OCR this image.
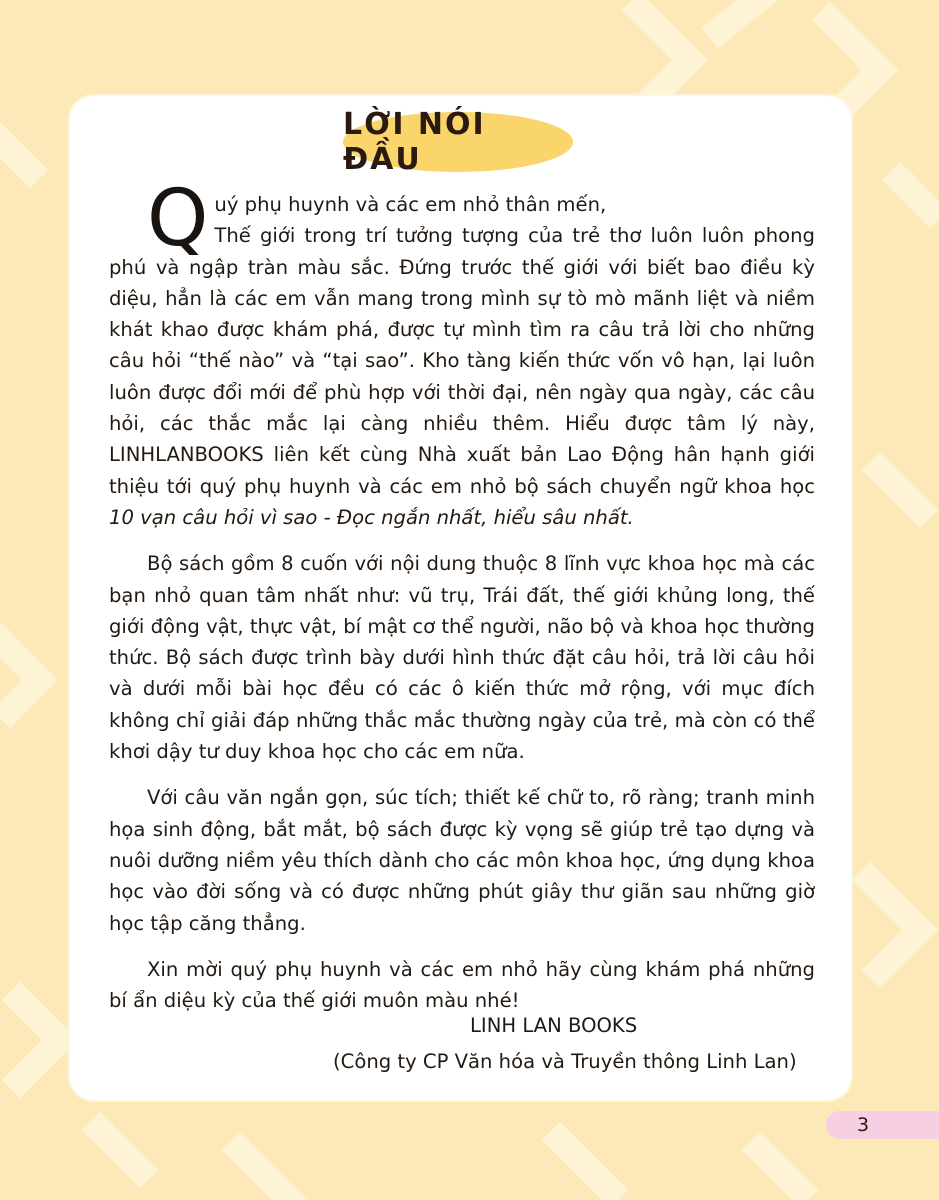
LỜI NÓI ĐẦU

Q uý phụ huynh và các em nhỏ thân mến,
Thế giới trong trí tưởng tượng của trẻ thơ luôn luôn phong phú và ngập tràn màu sắc. Đứng trước thế giới với biết bao điều kỳ diệu, hẳn là các em vẫn mang trong mình sự tò mò mãnh liệt và niềm khát khao được khám phá, được tự mình tìm ra câu trả lời cho những câu hỏi “thế nào” và “tại sao”. Kho tàng kiến thức vốn vô hạn, lại luôn luôn được đổi mới để phù hợp với thời đại, nên ngày qua ngày, các câu hỏi, các thắc mắc lại càng nhiều thêm. Hiểu được tâm lý này, LINHLANBOOKS liên kết cùng Nhà xuất bản Lao Động hân hạnh giới thiệu tới quý phụ huynh và các em nhỏ bộ sách chuyển ngữ khoa học 10 vạn câu hỏi vì sao - Đọc ngắn nhất, hiểu sâu nhất.

Bộ sách gồm 8 cuốn với nội dung thuộc 8 lĩnh vực khoa học mà các bạn nhỏ quan tâm nhất như: vũ trụ, Trái đất, thế giới khủng long, thế giới động vật, thực vật, bí mật cơ thể người, não bộ và khoa học thường thức. Bộ sách được trình bày dưới hình thức đặt câu hỏi, trả lời câu hỏi và dưới mỗi bài học đều có các ô kiến thức mở rộng, với mục đích không chỉ giải đáp những thắc mắc thường ngày của trẻ, mà còn có thể khơi dậy tư duy khoa học cho các em nữa.

Với câu văn ngắn gọn, súc tích; thiết kế chữ to, rõ ràng; tranh minh họa sinh động, bắt mắt, bộ sách được kỳ vọng sẽ giúp trẻ tạo dựng và nuôi dưỡng niềm yêu thích dành cho các môn khoa học, ứng dụng khoa học vào đời sống và có được những phút giây thư giãn sau những giờ học tập căng thẳng.

Xin mời quý phụ huynh và các em nhỏ hãy cùng khám phá những bí ẩn diệu kỳ của thế giới muôn màu nhé!

LINH LAN BOOKS
(Công ty CP Văn hóa và Truyền thông Linh Lan)
3
